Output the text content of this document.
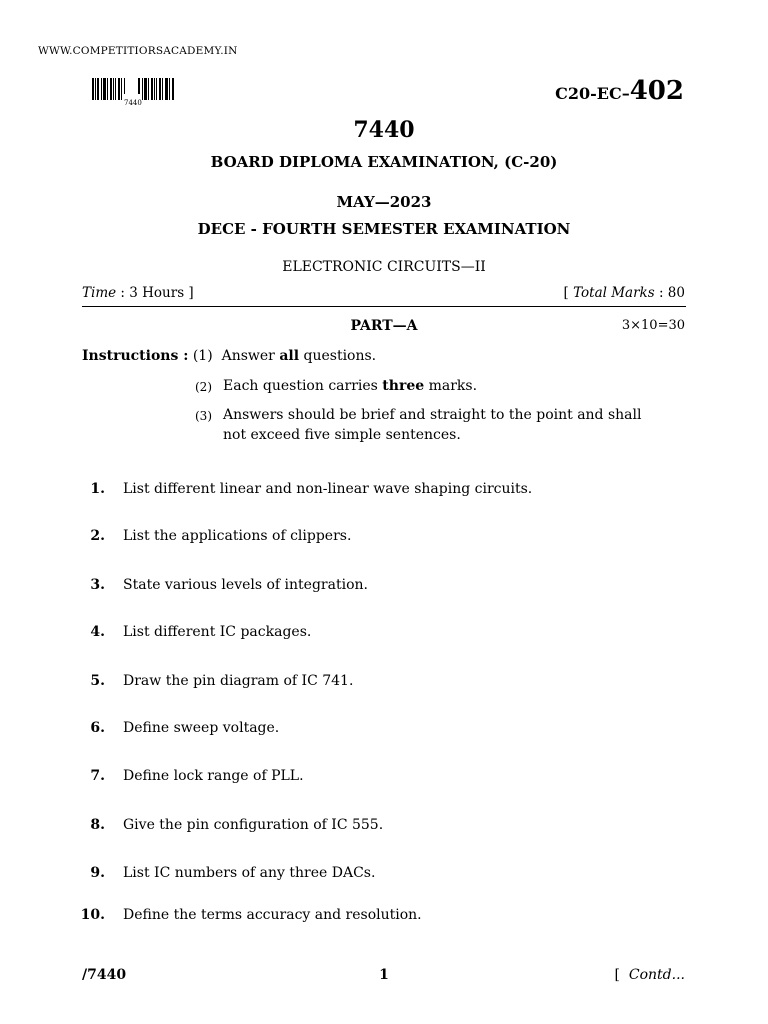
WWW.COMPETITIORSACADEMY.IN
7440	C20-EC–402
7440
BOARD DIPLOMA EXAMINATION, (C-20)
MAY—2023
DECE - FOURTH SEMESTER EXAMINATION
ELECTRONIC CIRCUITS—II
Time : 3 Hours ]	[ Total Marks : 80
PART—A	3×10=30
Instructions : (1) Answer all questions.
(2) Each question carries three marks.
(3) Answers should be brief and straight to the point and shall
not exceed five simple sentences.
1. List different linear and non-linear wave shaping circuits.
2. List the applications of clippers.
3. State various levels of integration.
4. List different IC packages.
5. Draw the pin diagram of IC 741.
6. Define sweep voltage.
7. Define lock range of PLL.
8. Give the pin configuration of IC 555.
9. List IC numbers of any three DACs.
10. Define the terms accuracy and resolution.
/7440	1	[ Contd...
